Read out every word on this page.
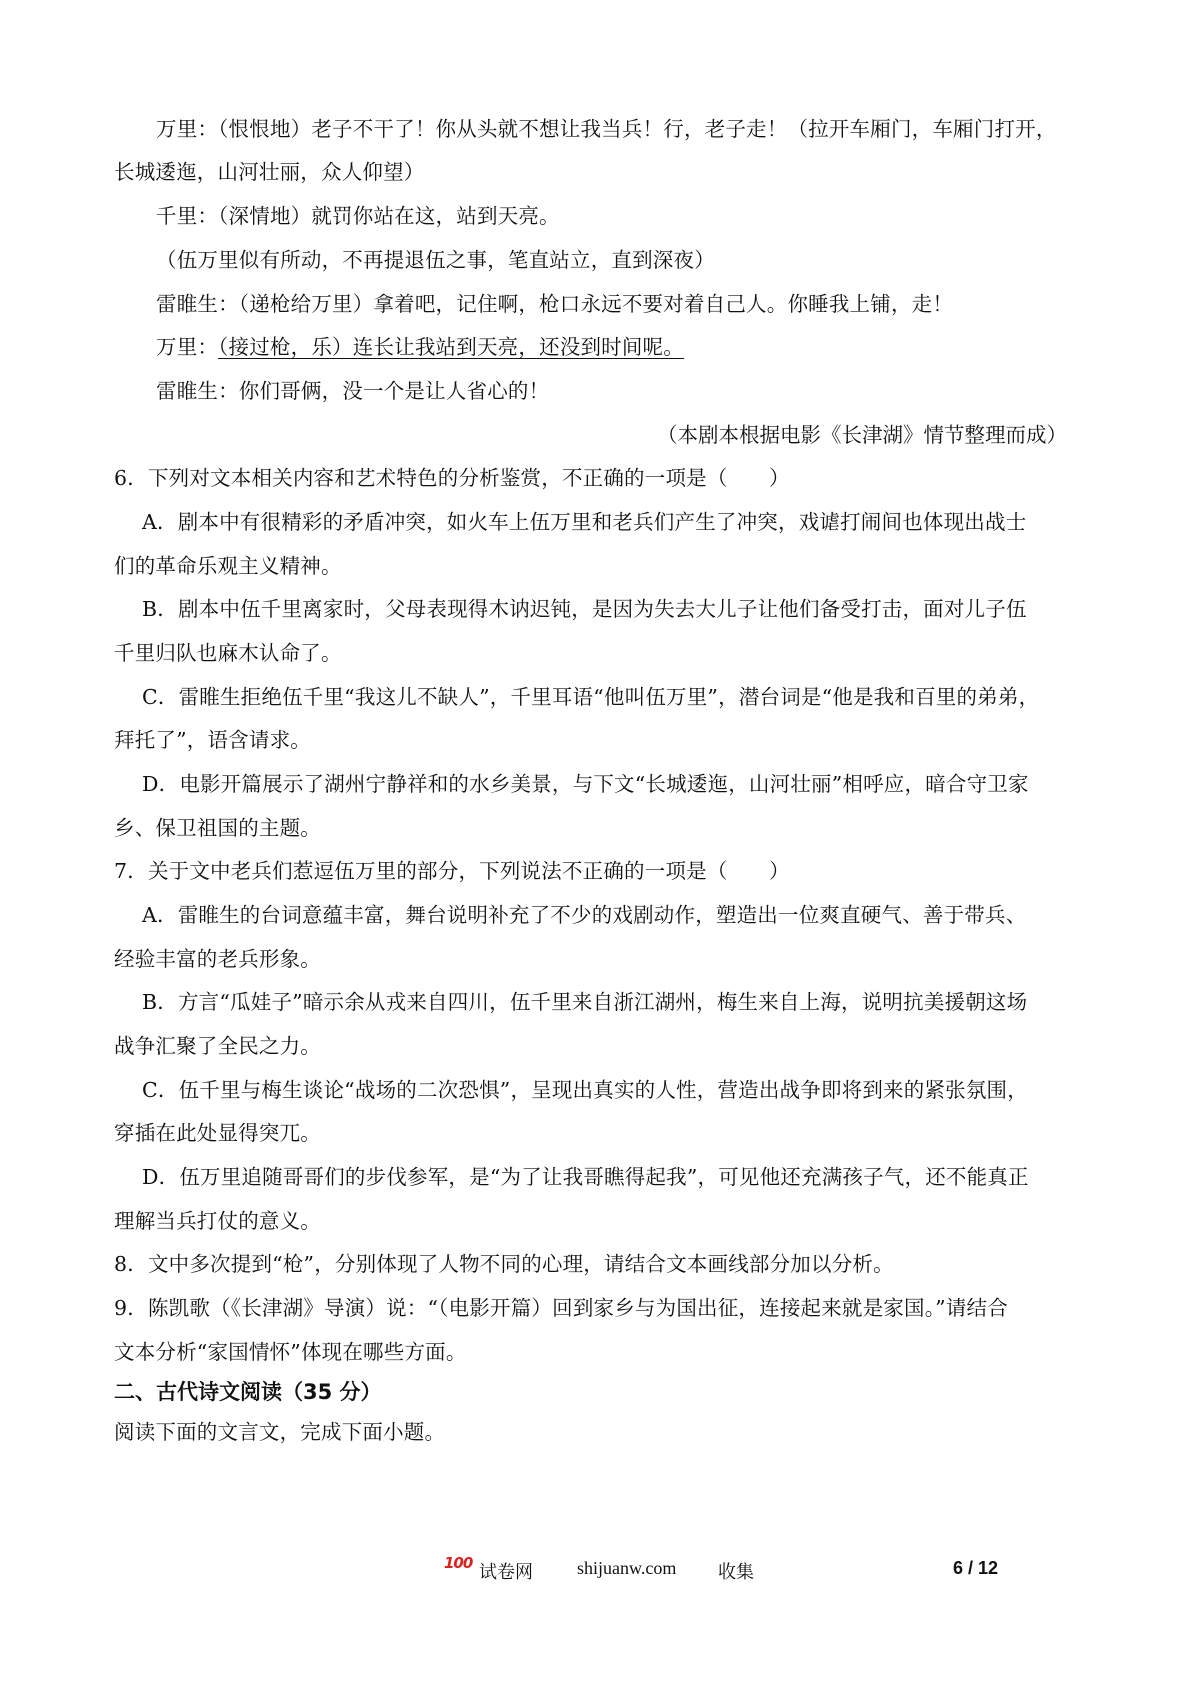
万里：（恨恨地）老子不干了！你从头就不想让我当兵！行，老子走！（拉开车厢门，车厢门打开，
长城逶迤，山河壮丽，众人仰望）
千里：（深情地）就罚你站在这，站到天亮。
（伍万里似有所动，不再提退伍之事，笔直站立，直到深夜）
雷睢生：（递枪给万里）拿着吧，记住啊，枪口永远不要对着自己人。你睡我上铺，走！
万里：（接过枪，乐）连长让我站到天亮，还没到时间呢。
雷睢生：你们哥俩，没一个是让人省心的！
（本剧本根据电影《长津湖》情节整理而成）
6．下列对文本相关内容和艺术特色的分析鉴赏，不正确的一项是（　　）
A．剧本中有很精彩的矛盾冲突，如火车上伍万里和老兵们产生了冲突，戏谑打闹间也体现出战士
们的革命乐观主义精神。
B．剧本中伍千里离家时，父母表现得木讷迟钝，是因为失去大儿子让他们备受打击，面对儿子伍
千里归队也麻木认命了。
C．雷睢生拒绝伍千里“我这儿不缺人”，千里耳语“他叫伍万里”，潜台词是“他是我和百里的弟弟，
拜托了”，语含请求。
D．电影开篇展示了湖州宁静祥和的水乡美景，与下文“长城逶迤，山河壮丽”相呼应，暗合守卫家
乡、保卫祖国的主题。
7．关于文中老兵们惹逗伍万里的部分，下列说法不正确的一项是（　　）
A．雷睢生的台词意蕴丰富，舞台说明补充了不少的戏剧动作，塑造出一位爽直硬气、善于带兵、
经验丰富的老兵形象。
B．方言“瓜娃子”暗示余从戎来自四川，伍千里来自浙江湖州，梅生来自上海，说明抗美援朝这场
战争汇聚了全民之力。
C．伍千里与梅生谈论“战场的二次恐惧”，呈现出真实的人性，营造出战争即将到来的紧张氛围，
穿插在此处显得突兀。
D．伍万里追随哥哥们的步伐参军，是“为了让我哥瞧得起我”，可见他还充满孩子气，还不能真正
理解当兵打仗的意义。
8．文中多次提到“枪”，分别体现了人物不同的心理，请结合文本画线部分加以分析。
9．陈凯歌（《长津湖》导演）说：“（电影开篇）回到家乡与为国出征，连接起来就是家国。”请结合
文本分析“家国情怀”体现在哪些方面。
二、古代诗文阅读（35 分）
阅读下面的文言文，完成下面小题。
100 试卷网 shijuanw.com 收集	6 / 12
